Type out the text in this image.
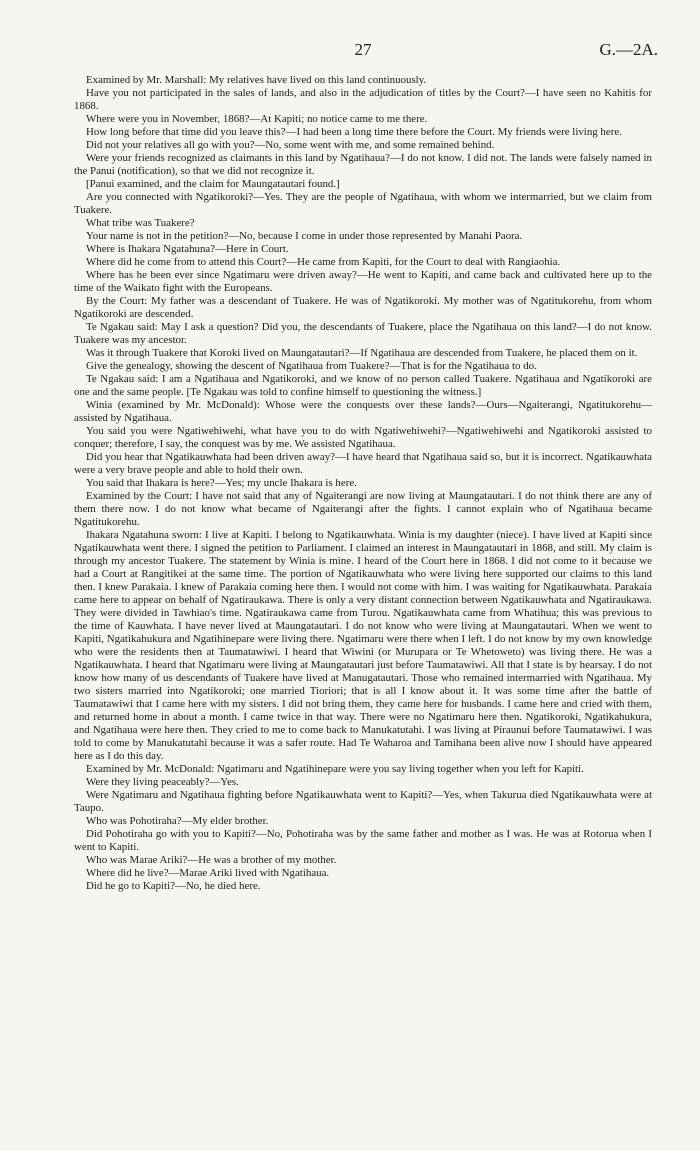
27	G.—2A.

Examined by Mr. Marshall: My relatives have lived on this land continuously.

Have you not participated in the sales of lands, and also in the adjudication of titles by the Court?—I have seen no Kahitis for 1868.

Where were you in November, 1868?—At Kapiti; no notice came to me there.

How long before that time did you leave this?—I had been a long time there before the Court. My friends were living here.

Did not your relatives all go with you?—No, some went with me, and some remained behind.

Were your friends recognized as claimants in this land by Ngatihaua?—I do not know. I did not. The lands were falsely named in the Panui (notification), so that we did not recognize it.

[Panui examined, and the claim for Maungatautari found.]

Are you connected with Ngatikoroki?—Yes. They are the people of Ngatihaua, with whom we intermarried, but we claim from Tuakere.

What tribe was Tuakere?

Your name is not in the petition?—No, because I come in under those represented by Manahi Paora.

Where is Ihakara Ngatahuna?—Here in Court.

Where did he come from to attend this Court?—He came from Kapiti, for the Court to deal with Rangiaohia.

Where has he been ever since Ngatimaru were driven away?—He went to Kapiti, and came back and cultivated here up to the time of the Waikato fight with the Europeans.

By the Court: My father was a descendant of Tuakere. He was of Ngatikoroki. My mother was of Ngatitukorehu, from whom Ngatikoroki are descended.

Te Ngakau said: May I ask a question? Did you, the descendants of Tuakere, place the Ngatihaua on this land?—I do not know. Tuakere was my ancestor.

Was it through Tuakere that Koroki lived on Maungatautari?—If Ngatihaua are descended from Tuakere, he placed them on it.

Give the genealogy, showing the descent of Ngatihaua from Tuakere?—That is for the Ngatihaua to do.

Te Ngakau said: I am a Ngatihaua and Ngatikoroki, and we know of no person called Tuakere. Ngatihaua and Ngatikoroki are one and the same people. [Te Ngakau was told to confine himself to questioning the witness.]

Winia (examined by Mr. McDonald): Whose were the conquests over these lands?—Ours—Ngaiterangi, Ngatitukorehu—assisted by Ngatihaua.

You said you were Ngatiwehiwehi, what have you to do with Ngatiwehiwehi?—Ngatiwehiwehi and Ngatikoroki assisted to conquer; therefore, I say, the conquest was by me. We assisted Ngatihaua.

Did you hear that Ngatikauwhata had been driven away?—I have heard that Ngatihaua said so, but it is incorrect. Ngatikauwhata were a very brave people and able to hold their own.

You said that Ihakara is here?—Yes; my uncle Ihakara is here.

Examined by the Court: I have not said that any of Ngaiterangi are now living at Maungatautari. I do not think there are any of them there now. I do not know what became of Ngaiterangi after the fights. I cannot explain who of Ngatihaua became Ngatitukorehu.

Ihakara Ngatahuna sworn: I live at Kapiti. I belong to Ngatikauwhata. Winia is my daughter (niece). I have lived at Kapiti since Ngatikauwhata went there. I signed the petition to Parliament. I claimed an interest in Maungatautari in 1868, and still. My claim is through my ancestor Tuakere. The statement by Winia is mine. I heard of the Court here in 1868. I did not come to it because we had a Court at Rangitikei at the same time. The portion of Ngatikauwhata who were living here supported our claims to this land then. I knew Parakaia. I knew of Parakaia coming here then. I would not come with him. I was waiting for Ngatikauwhata. Parakaia came here to appear on behalf of Ngatiraukawa. There is only a very distant connection between Ngatikauwhata and Ngatiraukawa. They were divided in Tawhiao's time. Ngatiraukawa came from Turou. Ngatikauwhata came from Whatihua; this was previous to the time of Kauwhata. I have never lived at Maungatautari. I do not know who were living at Maungatautari. When we went to Kapiti, Ngatikahukura and Ngatihinepare were living there. Ngatimaru were there when I left. I do not know by my own knowledge who were the residents then at Taumatawiwi. I heard that Wiwini (or Murupara or Te Whetoweto) was living there. He was a Ngatikauwhata. I heard that Ngatimaru were living at Maungatautari just before Taumatawiwi. All that I state is by hearsay. I do not know how many of us descendants of Tuakere have lived at Manugatautari. Those who remained intermarried with Ngatihaua. My two sisters married into Ngatikoroki; one married Tioriori; that is all I know about it. It was some time after the battle of Taumatawiwi that I came here with my sisters. I did not bring them, they came here for husbands. I came here and cried with them, and returned home in about a month. I came twice in that way. There were no Ngatimaru here then. Ngatikoroki, Ngatikahukura, and Ngatihaua were here then. They cried to me to come back to Manukatutahi. I was living at Piraunui before Taumatawiwi. I was told to come by Manukatutahi because it was a safer route. Had Te Waharoa and Tamihana been alive now I should have appeared here as I do this day.

Examined by Mr. McDonald: Ngatimaru and Ngatihinepare were you say living together when you left for Kapiti.

Were they living peaceably?—Yes.

Were Ngatimaru and Ngatihaua fighting before Ngatikauwhata went to Kapiti?—Yes, when Takurua died Ngatikauwhata were at Taupo.

Who was Pohotiraha?—My elder brother.

Did Pohotiraha go with you to Kapiti?—No, Pohotiraha was by the same father and mother as I was. He was at Rotorua when I went to Kapiti.

Who was Marae Ariki?—He was a brother of my mother.

Where did he live?—Marae Ariki lived with Ngatihaua.

Did he go to Kapiti?—No, he died here.
